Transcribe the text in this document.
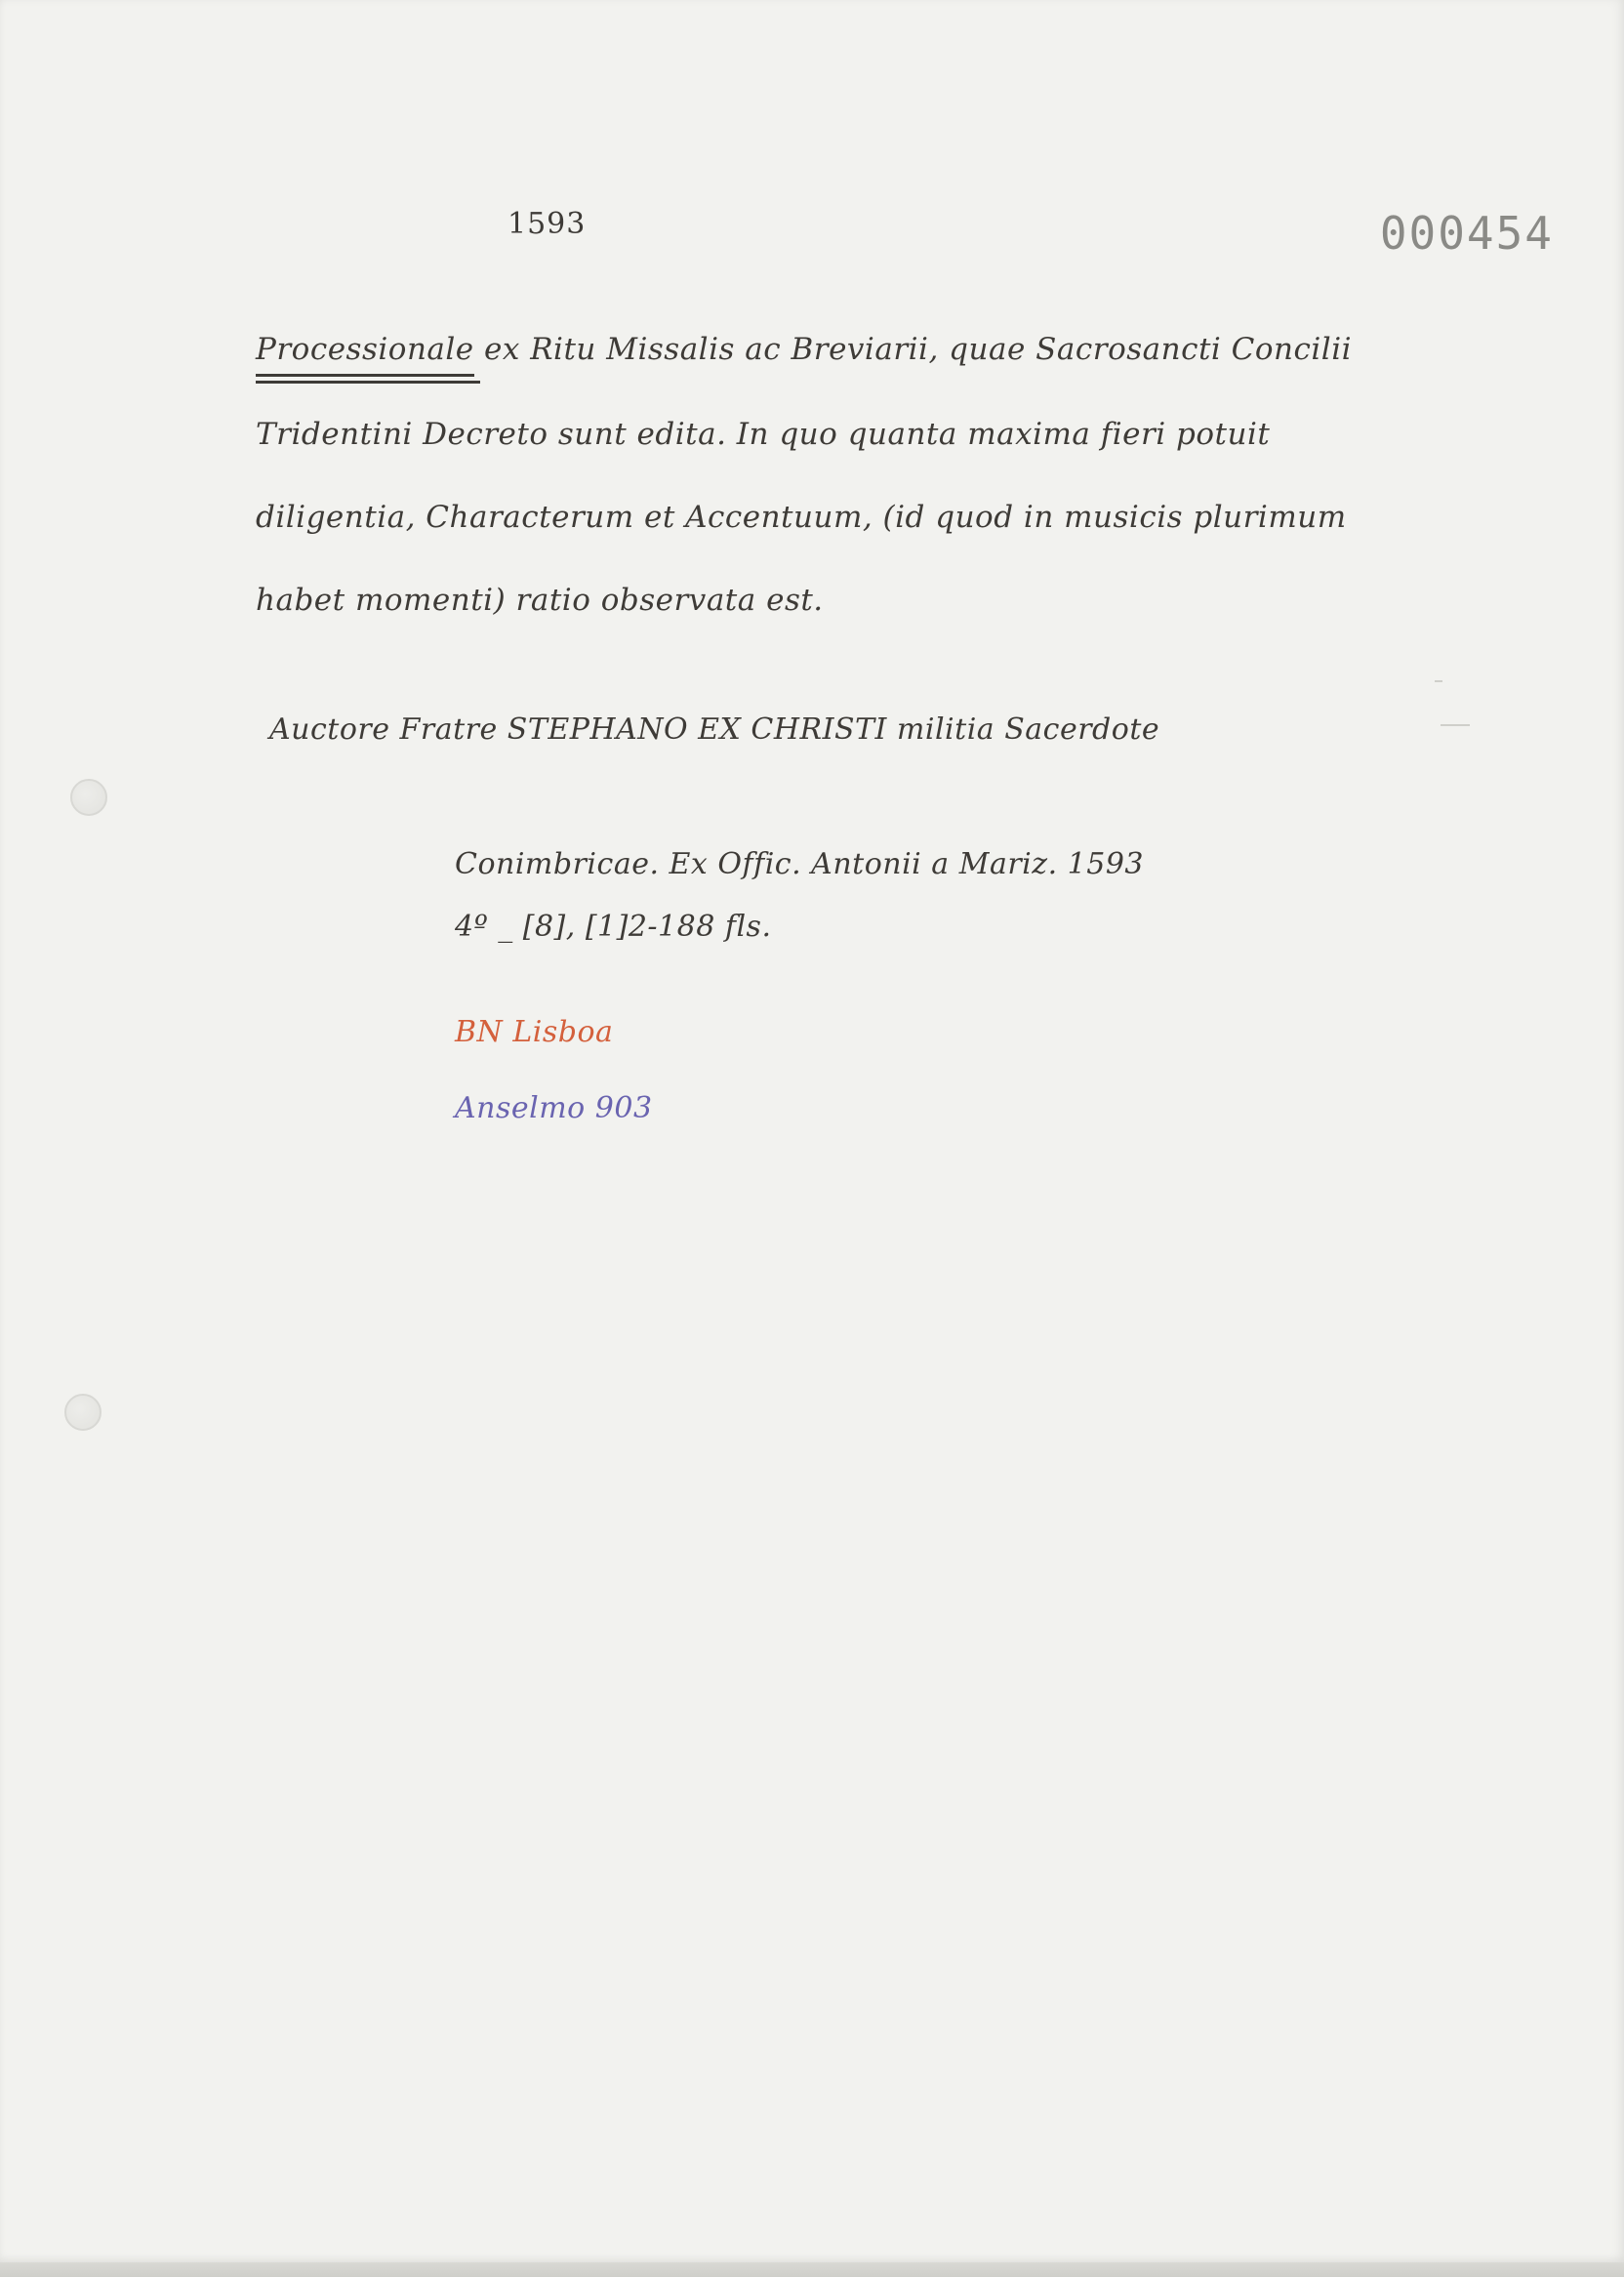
1593	000454
Processionale
ex Ritu Missalis ac Breviarii, quae Sacrosancti Concilii
Tridentini Decreto sunt edita. In quo quanta maxima fieri potuit
diligentia, Characterum et Accentuum, (id quod in musicis plurimum
habet momenti) ratio observata est.
Auctore Fratre STEPHANO EX CHRISTI militia Sacerdote
Conimbricae. Ex Offic. Antonii a Mariz. 1593
4º _ [8], [1]2-188 fls.
BN Lisboa
Anselmo 903
